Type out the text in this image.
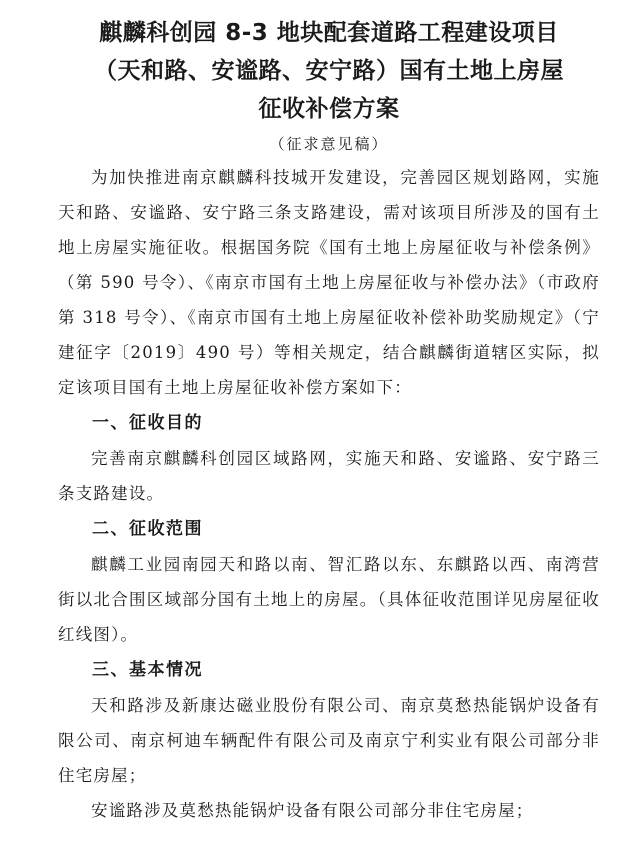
麒麟科创园 8-3 地块配套道路工程建设项目
（天和路、安谧路、安宁路）国有土地上房屋
征收补偿方案
（征求意见稿）

为加快推进南京麒麟科技城开发建设，完善园区规划路网，实施天和路、安谧路、安宁路三条支路建设，需对该项目所涉及的国有土地上房屋实施征收。根据国务院《国有土地上房屋征收与补偿条例》（第 590 号令）、《南京市国有土地上房屋征收与补偿办法》（市政府第 318 号令）、《南京市国有土地上房屋征收补偿补助奖励规定》（宁建征字〔2019〕490 号）等相关规定，结合麒麟街道辖区实际，拟定该项目国有土地上房屋征收补偿方案如下：

一、征收目的

完善南京麒麟科创园区域路网，实施天和路、安谧路、安宁路三条支路建设。

二、征收范围

麒麟工业园南园天和路以南、智汇路以东、东麒路以西、南湾营街以北合围区域部分国有土地上的房屋。（具体征收范围详见房屋征收红线图）。

三、基本情况

天和路涉及新康达磁业股份有限公司、南京莫愁热能锅炉设备有限公司、南京柯迪车辆配件有限公司及南京宁利实业有限公司部分非住宅房屋；

安谧路涉及莫愁热能锅炉设备有限公司部分非住宅房屋；
